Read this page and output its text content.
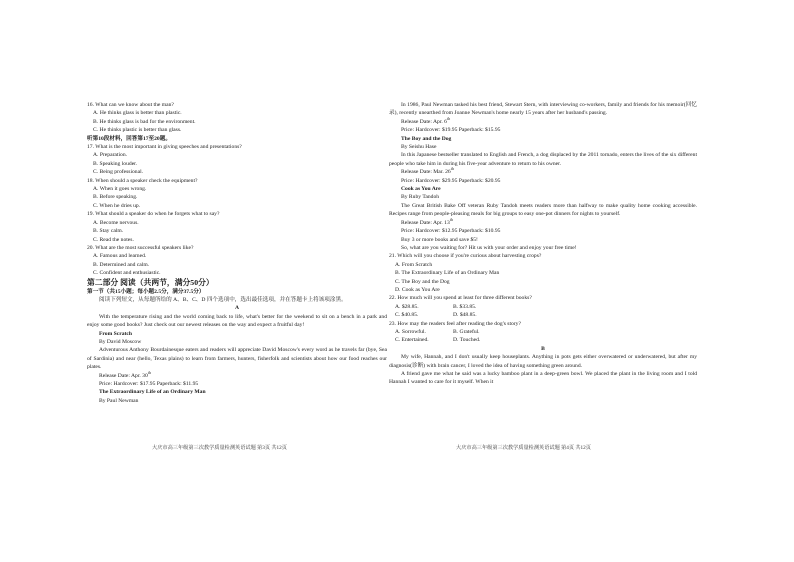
16. What can we know about the man?
A. He thinks glass is better than plastic.
B. He thinks glass is bad for the environment.
C. He thinks plastic is better than glass.
听第10段材料，回答第17至20题。
17. What is the most important in giving speeches and presentations?
A. Preparation.
B. Speaking louder.
C. Being professional.
18. When should a speaker check the equipment?
A. When it goes wrong.
B. Before speaking.
C. When he dries up.
19. What should a speaker do when he forgets what to say?
A. Become nervous.
B. Stay calm.
C. Read the notes.
20. What are the most successful speakers like?
A. Famous and learned.
B. Determined and calm.
C. Confident and enthusiastic.
第二部分 阅读（共两节，满分50分）
第一节（共15小题；每小题2.5分，满分37.5分）
阅读下列短文，从每题所给的 A、B、C、D 四个选项中，选出最佳选项，并在答题卡上将该项涂黑。
A
With the temperature rising and the world coming back to life, what's better for the weekend to sit on a bench in a park and enjoy some good books? Just check out our newest releases on the way and expect a fruitful day!
From Scratch
By David Moscow
Adventurous Anthony Bourdainesque eaters and readers will appreciate David Moscow's every word as he travels far (bye, Sea of Sardinia) and near (hello, Texas plains) to learn from farmers, hunters, fisherfolk and scientists about how our food reaches our plates.
Release Date: Apr. 30th
Price: Hardcover: $17.95 Paperback: $11.95
The Extraordinary Life of an Ordinary Man
By Paul Newman
In 1986, Paul Newman tasked his best friend, Stewart Stern, with interviewing co-workers, family and friends for his memoir(回忆录), recently unearthed from Joanne Newman's home nearly 15 years after her husband's passing.
Release Date: Apr. 6th
Price: Hardcover: $19.95 Paperback: $15.95
The Boy and the Dog
By Seishu Hase
In this Japanese bestseller translated to English and French, a dog displaced by the 2011 tornado, enters the lives of the six different people who take him in during his five-year adventure to return to his owner.
Release Date: Mar. 26th
Price: Hardcover: $29.95 Paperback: $20.95
Cook as You Are
By Ruby Tandoh
The Great British Bake Off veteran Ruby Tandoh meets readers more than halfway to make quality home cooking accessible. Recipes range from people-pleasing meals for big groups to easy one-pot dinners for nights to yourself.
Release Date: Apr. 13th
Price: Hardcover: $12.95 Paperback: $10.95
Buy 3 or more books and save $5!
So, what are you waiting for? Hit us with your order and enjoy your free time!
21. Which will you choose if you're curious about harvesting crops?
A. From Scratch
B. The Extraordinary Life of an Ordinary Man
C. The Boy and the Dog
D. Cook as You Are
22. How much will you spend at least for three different books?
A. $28.85.	B. $33.85.
C. $40.85.	D. $48.85.
23. How may the readers feel after reading the dog's story?
A. Sorrowful.	B. Grateful.
C. Entertained.	D. Touched.
B
My wife, Hannah, and I don't usually keep houseplants. Anything in pots gets either overwatered or underwatered, but after my diagnosis(诊断) with brain cancer, I loved the idea of having something green around.
A friend gave me what he said was a lucky bamboo plant in a deep-green bowl. We placed the plant in the living room and I told Hannah I wanted to care for it myself. When it
大庆市高三年级第三次教学质量检测英语试题 第3页 共12页	大庆市高三年级第三次教学质量检测英语试题 第4页 共12页
